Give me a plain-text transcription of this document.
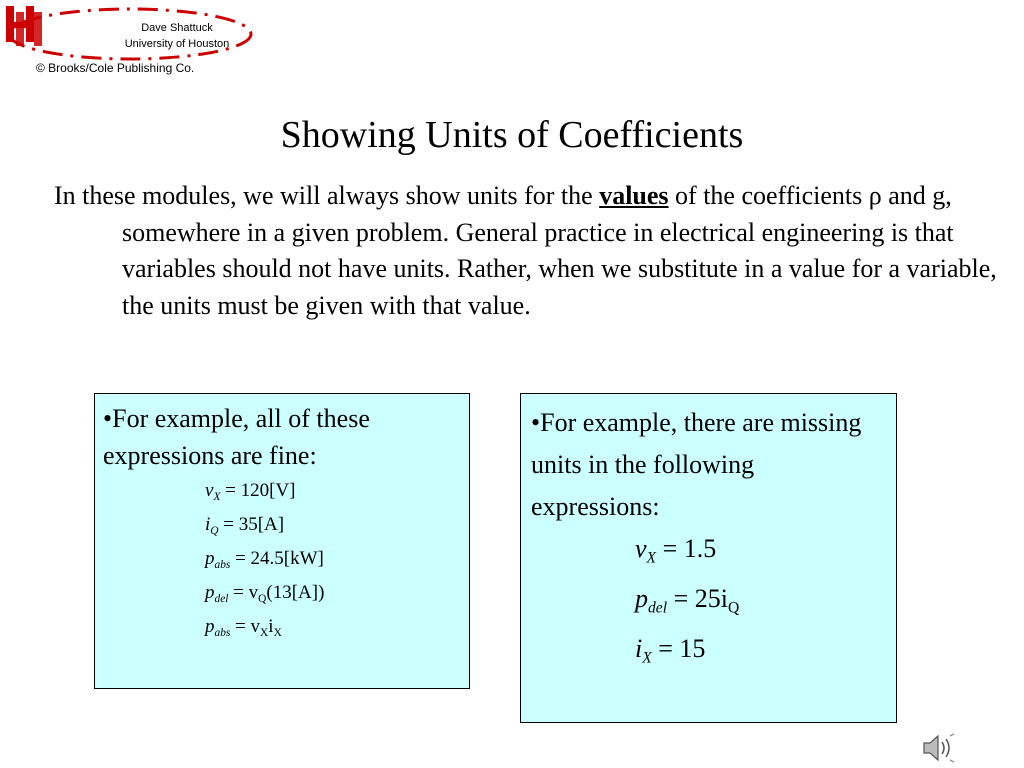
Dave Shattuck
University of Houston
© Brooks/Cole Publishing Co.
Showing Units of Coefficients

In these modules, we will always show units for the values of the coefficients ρ and g, somewhere in a given problem. General practice in electrical engineering is that variables should not have units. Rather, when we substitute in a value for a variable, the units must be given with that value.

•For example, all of these expressions are fine:

$v_X = 120[V]$
$i_Q = 35[A]$
$p_{abs} = 24.5[kW]$
$p_{del} = v_Q(13[A])$
$p_{abs} = v_Xi_X$

•For example, there are missing units in the following expressions:

$v_X = 1.5$
$p_{del} = 25i_Q$
$i_X = 15$
